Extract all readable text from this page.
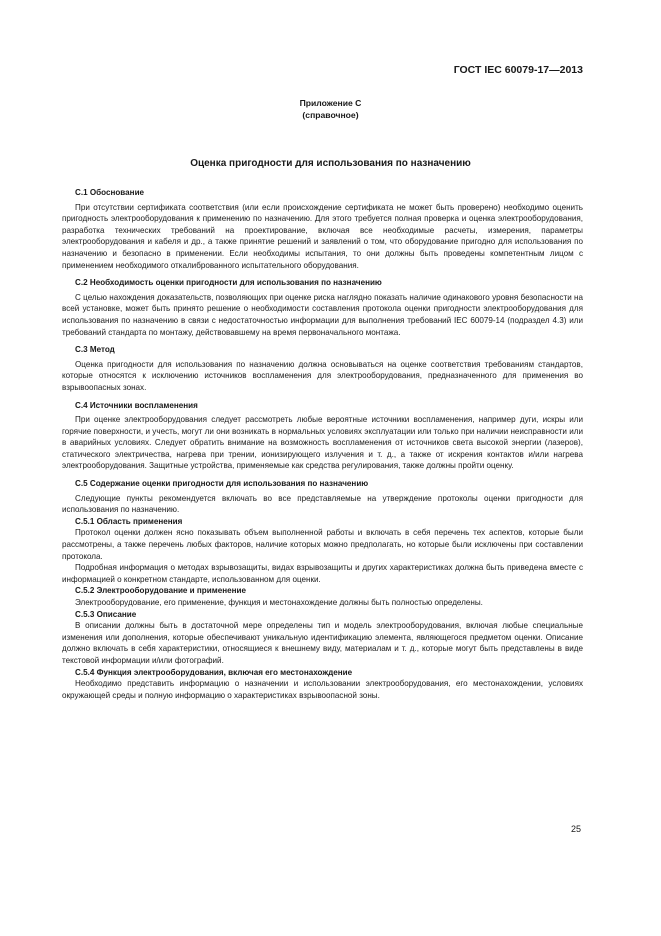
ГОСТ IEC 60079-17—2013
Приложение С
(справочное)
Оценка пригодности для использования по назначению
С.1 Обоснование
При отсутствии сертификата соответствия (или если происхождение сертификата не может быть проверено) необходимо оценить пригодность электрооборудования к применению по назначению. Для этого требуется полная проверка и оценка электрооборудования, разработка технических требований на проектирование, включая все необходимые расчеты, измерения, параметры электрооборудования и кабеля и др., а также принятие решений и заявлений о том, что оборудование пригодно для использования по назначению и безопасно в применении. Если необходимы испытания, то они должны быть проведены компетентным лицом с применением необходимого откалиброванного испытательного оборудования.
С.2 Необходимость оценки пригодности для использования по назначению
С целью нахождения доказательств, позволяющих при оценке риска наглядно показать наличие одинакового уровня безопасности на всей установке, может быть принято решение о необходимости составления протокола оценки пригодности электрооборудования для использования по назначению в связи с недостаточностью информации для выполнения требований IEC 60079-14 (подраздел 4.3) или требований стандарта по монтажу, действовавшему на время первоначального монтажа.
С.3 Метод
Оценка пригодности для использования по назначению должна основываться на оценке соответствия требованиям стандартов, которые относятся к исключению источников воспламенения для электрооборудования, предназначенного для применения во взрывоопасных зонах.
С.4 Источники воспламенения
При оценке электрооборудования следует рассмотреть любые вероятные источники воспламенения, например дуги, искры или горячие поверхности, и учесть, могут ли они возникать в нормальных условиях эксплуатации или только при наличии неисправности или в аварийных условиях. Следует обратить внимание на возможность воспламенения от источников света высокой энергии (лазеров), статического электричества, нагрева при трении, ионизирующего излучения и т. д., а также от искрения контактов и/или нагрева электрооборудования. Защитные устройства, применяемые как средства регулирования, также должны пройти оценку.
С.5 Содержание оценки пригодности для использования по назначению
Следующие пункты рекомендуется включать во все представляемые на утверждение протоколы оценки пригодности для использования по назначению.
С.5.1 Область применения
Протокол оценки должен ясно показывать объем выполненной работы и включать в себя перечень тех аспектов, которые были рассмотрены, а также перечень любых факторов, наличие которых можно предполагать, но которые были исключены при составлении протокола.
Подробная информация о методах взрывозащиты, видах взрывозащиты и других характеристиках должна быть приведена вместе с информацией о конкретном стандарте, использованном для оценки.
С.5.2 Электрооборудование и применение
Электрооборудование, его применение, функция и местонахождение должны быть полностью определены.
С.5.3 Описание
В описании должны быть в достаточной мере определены тип и модель электрооборудования, включая любые специальные изменения или дополнения, которые обеспечивают уникальную идентификацию элемента, являющегося предметом оценки. Описание должно включать в себя характеристики, относящиеся к внешнему виду, материалам и т. д., которые могут быть представлены в виде текстовой информации и/или фотографий.
С.5.4 Функция электрооборудования, включая его местонахождение
Необходимо представить информацию о назначении и использовании электрооборудования, его местонахождении, условиях окружающей среды и полную информацию о характеристиках взрывоопасной зоны.
25
